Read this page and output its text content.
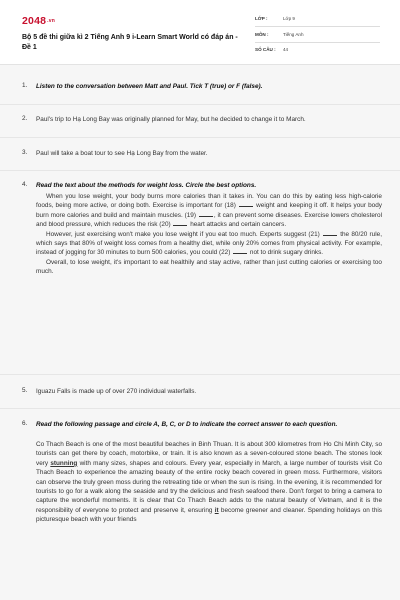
2048.vn
Bộ 5 đề thi giữa kì 2 Tiếng Anh 9 i-Learn Smart World có đáp án - Đề 1
LỚP :	Lớp 9
MÔN :	Tiếng Anh
SỐ CÂU : 44
1. Listen to the conversation between Matt and Paul. Tick T (true) or F (false).
2. Paul's trip to Hạ Long Bay was originally planned for May, but he decided to change it to March.
3. Paul will take a boat tour to see Hạ Long Bay from the water.
4. Read the text about the methods for weight loss. Circle the best options.

When you lose weight, your body burns more calories than it takes in. You can do this by eating less high-calorie foods, being more active, or doing both. Exercise is important for (18)	weight and keeping it off. It helps your body burn more calories and build and maintain muscles. (19)	, it can prevent some diseases. Exercise lowers cholesterol and blood pressure, which reduces the risk (20)	heart attacks and certain cancers.

However, just exercising won't make you lose weight if you eat too much. Experts suggest (21)	the 80/20 rule, which says that 80% of weight loss comes from a healthy diet, while only 20% comes from physical activity. For example, instead of jogging for 30 minutes to burn 500 calories, you could (22)	not to drink sugary drinks.

Overall, to lose weight, it's important to eat healthily and stay active, rather than just cutting calories or exercising too much.

5. Iguazu Falls is made up of over 270 individual waterfalls.
6. Read the following passage and circle A, B, C, or D to indicate the correct answer to each question.

Co Thach Beach is one of the most beautiful beaches in Binh Thuan. It is about 300 kilometres from Ho Chi Minh City, so tourists can get there by coach, motorbike, or train. It is also known as a seven-coloured stone beach. The stones look very stunning with many sizes, shapes and colours. Every year, especially in March, a large number of tourists visit Co Thach Beach to experience the amazing beauty of the entire rocky beach covered in green moss. Furthermore, visitors can observe the truly green moss during the retreating tide or when the sun is rising. In the evening, it is recommended for tourists to go for a walk along the seaside and try the delicious and fresh seafood there. Don't forget to bring a camera to capture the wonderful moments. It is clear that Co Thach Beach adds to the natural beauty of Vietnam, and it is the responsibility of everyone to protect and preserve it, ensuring it become greener and cleaner. Spending holidays on this picturesque beach with your friends
